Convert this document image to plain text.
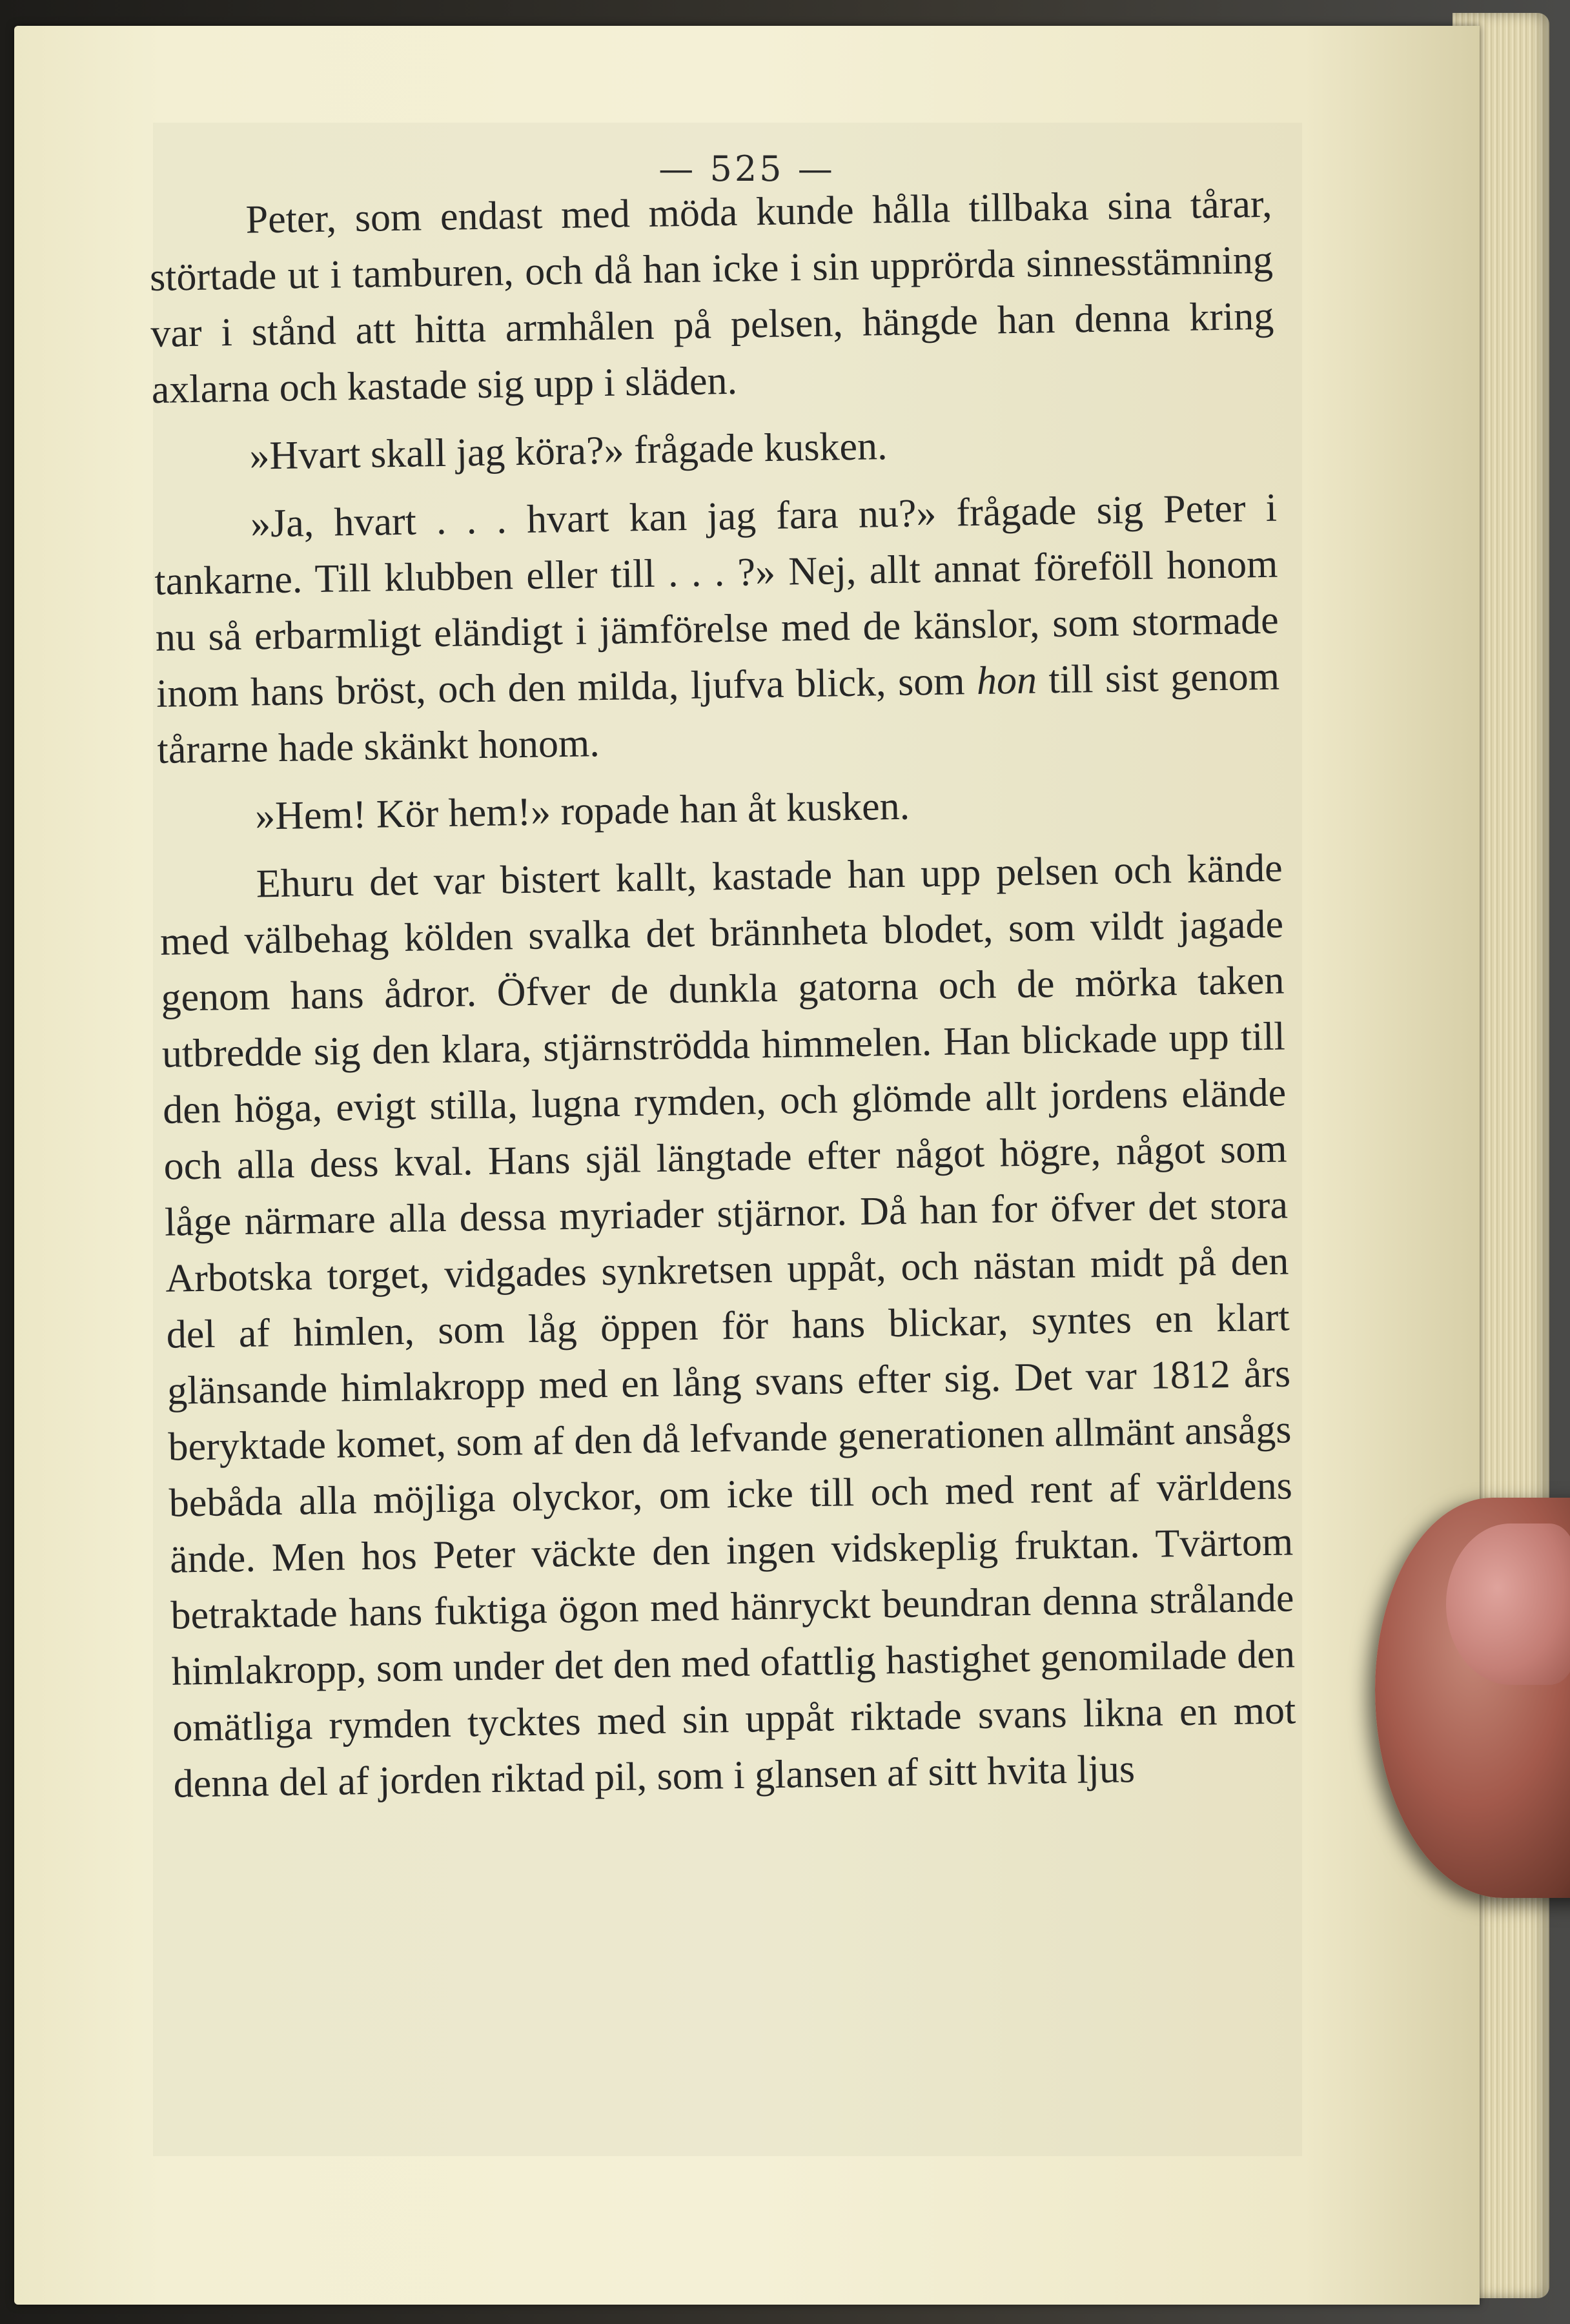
— 525 —

Peter, som endast med möda kunde hålla tillbaka sina tårar, störtade ut i tamburen, och då han icke i sin upprörda sinnesstämning var i stånd att hitta armhålen på pelsen, hängde han denna kring axlarna och kastade sig upp i släden.

»Hvart skall jag köra?» frågade kusken.

»Ja, hvart . . . hvart kan jag fara nu?» frågade sig Peter i tankarne. Till klubben eller till . . . ?» Nej, allt annat föreföll honom nu så erbarmligt eländigt i jämförelse med de känslor, som stormade inom hans bröst, och den milda, ljufva blick, som hon till sist genom tårarne hade skänkt honom.

»Hem! Kör hem!» ropade han åt kusken.

Ehuru det var bistert kallt, kastade han upp pelsen och kände med välbehag kölden svalka det brännheta blodet, som vildt jagade genom hans ådror. Öfver de dunkla gatorna och de mörka taken utbredde sig den klara, stjärnströdda himmelen. Han blickade upp till den höga, evigt stilla, lugna rymden, och glömde allt jordens elände och alla dess kval. Hans själ längtade efter något högre, något som låge närmare alla dessa myriader stjärnor. Då han for öfver det stora Arbotska torget, vidgades synkretsen uppåt, och nästan midt på den del af himlen, som låg öppen för hans blickar, syntes en klart glänsande himlakropp med en lång svans efter sig. Det var 1812 års beryktade komet, som af den då lefvande generationen allmänt ansågs bebåda alla möjliga olyckor, om icke till och med rent af världens ände. Men hos Peter väckte den ingen vidskeplig fruktan. Tvärtom betraktade hans fuktiga ögon med hänryckt beundran denna strålande himlakropp, som under det den med ofattlig hastighet genomilade den omätliga rymden tycktes med sin uppåt riktade svans likna en mot denna del af jorden riktad pil, som i glansen af sitt hvita ljus
